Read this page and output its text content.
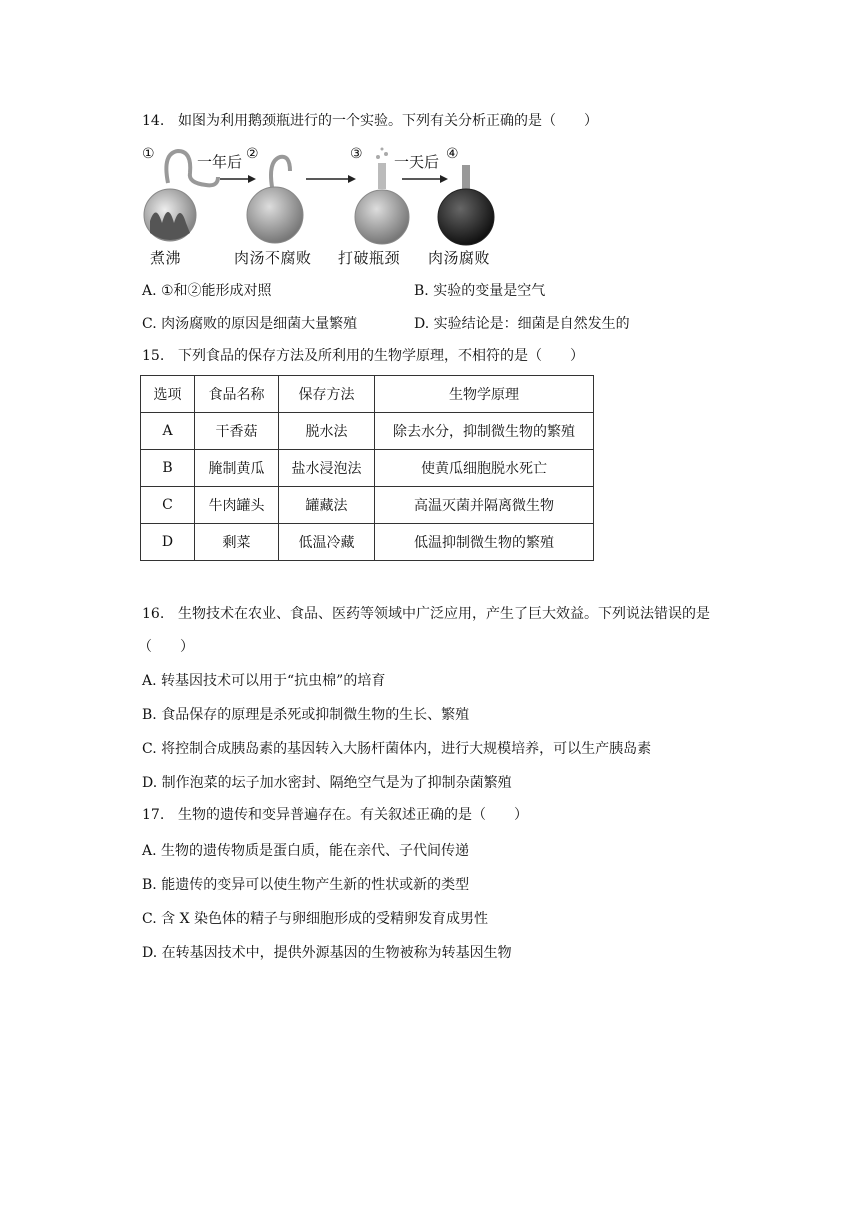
14. 如图为利用鹅颈瓶进行的一个实验。下列有关分析正确的是（　　）
①	②	③	④
一年后	一天后
煮沸	肉汤不腐败 打破瓶颈 肉汤腐败
A. ①和②能形成对照	B. 实验的变量是空气
C. 肉汤腐败的原因是细菌大量繁殖	D. 实验结论是：细菌是自然发生的
15. 下列食品的保存方法及所利用的生物学原理，不相符的是（　　）
选项	食品名称	保存方法	生物学原理
A	干香菇	脱水法	除去水分，抑制微生物的繁殖
B	腌制黄瓜	盐水浸泡法	使黄瓜细胞脱水死亡
C	牛肉罐头	罐藏法	高温灭菌并隔离微生物
D	剩菜	低温冷藏	低温抑制微生物的繁殖
16. 生物技术在农业、食品、医药等领域中广泛应用，产生了巨大效益。下列说法错误的是
（　　）
A. 转基因技术可以用于“抗虫棉”的培育
B. 食品保存的原理是杀死或抑制微生物的生长、繁殖
C. 将控制合成胰岛素的基因转入大肠杆菌体内，进行大规模培养，可以生产胰岛素
D. 制作泡菜的坛子加水密封、隔绝空气是为了抑制杂菌繁殖
17. 生物的遗传和变异普遍存在。有关叙述正确的是（　　）
A. 生物的遗传物质是蛋白质，能在亲代、子代间传递
B. 能遗传的变异可以使生物产生新的性状或新的类型
C. 含 X 染色体的精子与卵细胞形成的受精卵发育成男性
D. 在转基因技术中，提供外源基因的生物被称为转基因生物
